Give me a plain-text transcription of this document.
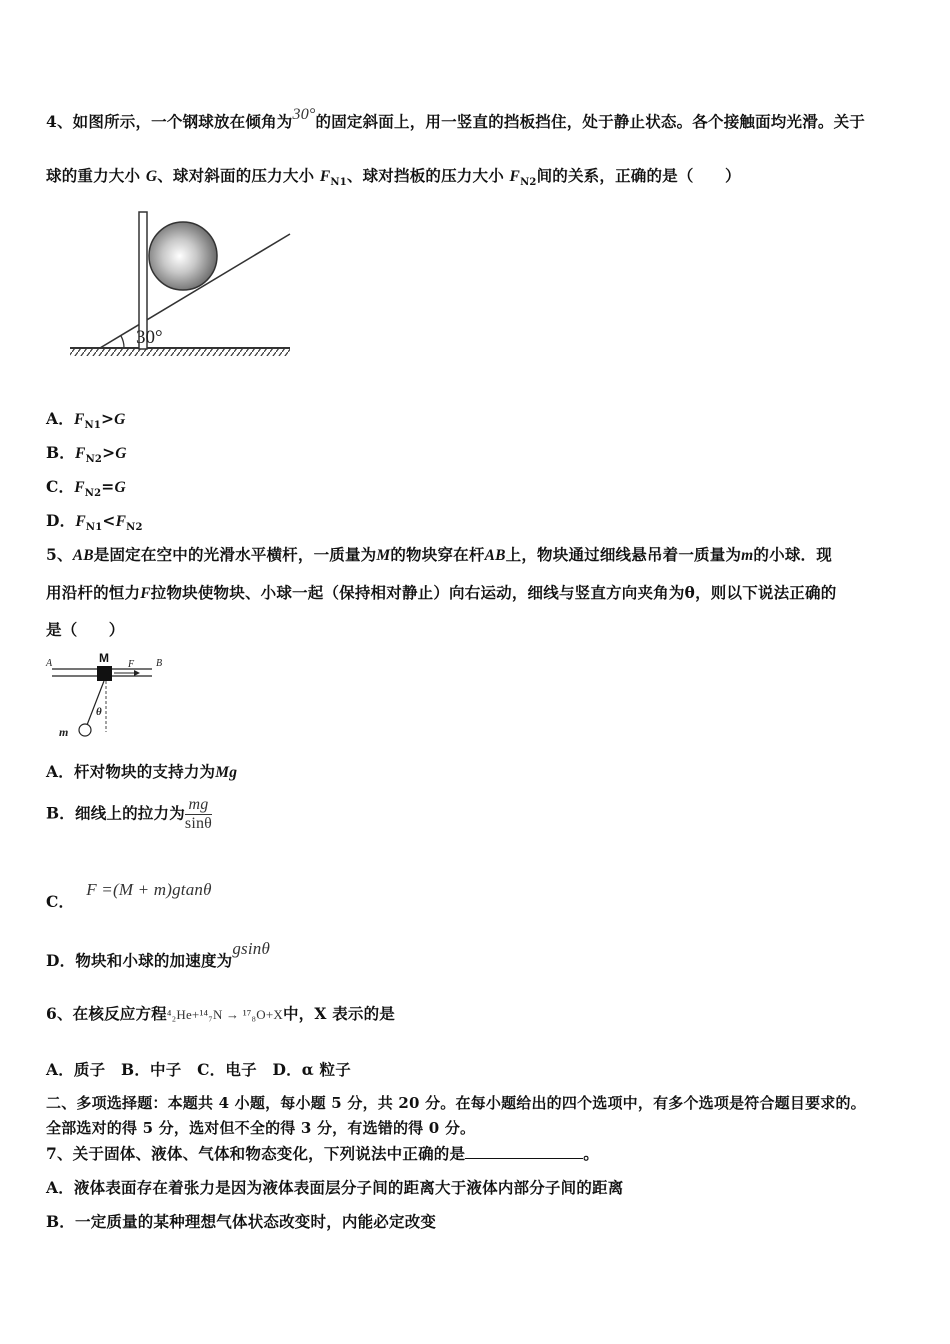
4、如图所示，一个钢球放在倾角为30°的固定斜面上，用一竖直的挡板挡住，处于静止状态。各个接触面均光滑。关于
球的重力大小 G、球对斜面的压力大小 $F_{N1}$、球对挡板的压力大小 $F_{N2}$间的关系，正确的是（　　）
30°
A．$F_{N1}>G$
B．$F_{N2}>G$
C．$F_{N2}=G$
D．$F_{N1}<F_{N2}$
5、AB是固定在空中的光滑水平横杆，一质量为M的物块穿在杆AB上，物块通过细线悬吊着一质量为m的小球．现
用沿杆的恒力F拉物块使物块、小球一起（保持相对静止）向右运动，细线与竖直方向夹角为θ，则以下说法正确的
是（　　）
A	M F B
θ
m
A．杆对物块的支持力为Mg
B．细线上的拉力为 $\frac{mg}{\sin\theta}$
C．F =(M + m)gtanθ
D．物块和小球的加速度为gsinθ
6、在核反应方程⁴₂He+¹⁴₇N → ¹⁷₈O+X中，X 表示的是
A．质子　B．中子　C．电子　D．α 粒子
二、多项选择题：本题共 4 小题，每小题 5 分，共 20 分。在每小题给出的四个选项中，有多个选项是符合题目要求的。
全部选对的得 5 分，选对但不全的得 3 分，有选错的得 0 分。
7、关于固体、液体、气体和物态变化，下列说法中正确的是	。
A．液体表面存在着张力是因为液体表面层分子间的距离大于液体内部分子间的距离
B．一定质量的某种理想气体状态改变时，内能必定改变
